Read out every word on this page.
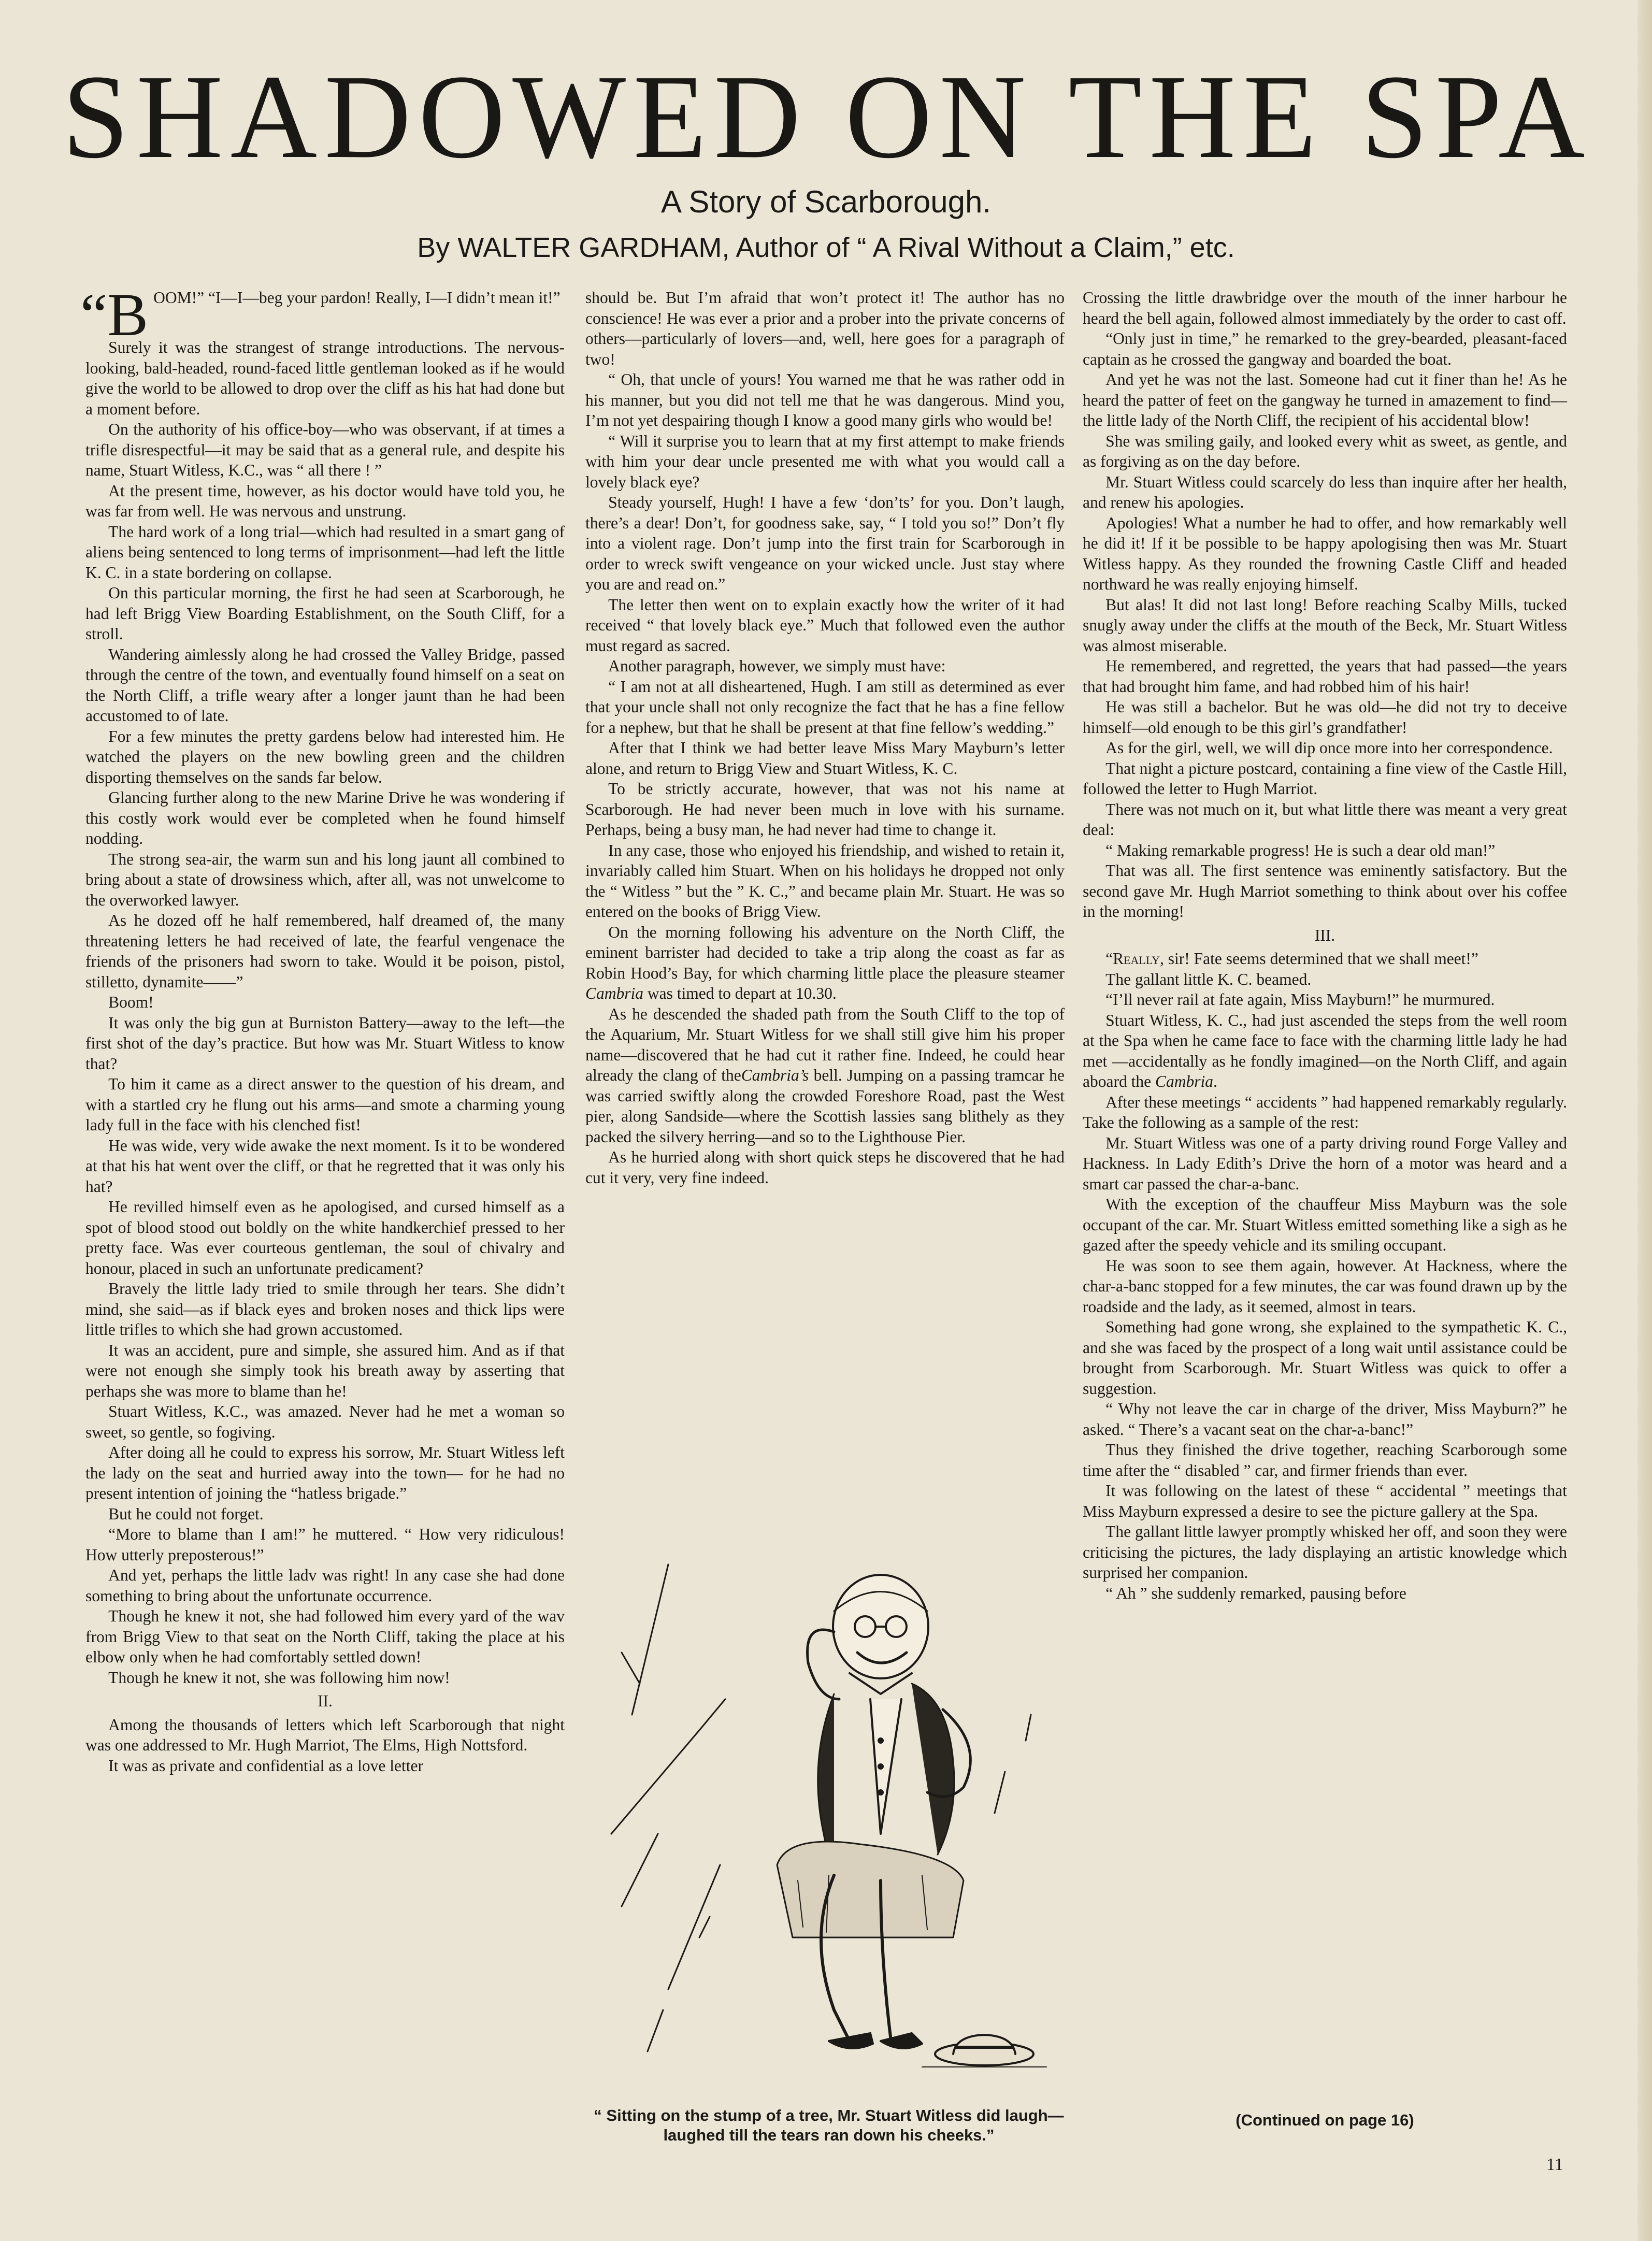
SHADOWED ON THE SPA

A Story of Scarborough.

By WALTER GARDHAM, Author of “ A Rival Without a Claim,” etc.

“B OOM!” “I—I—beg your pardon! Really, I—I didn’t mean it!”

Surely it was the strangest of strange introductions. The nervous-looking, bald-headed, round-faced little gentleman looked as if he would give the world to be allowed to drop over the cliff as his hat had done but a moment before.

On the authority of his office-boy—who was observant, if at times a trifle disrespectful—it may be said that as a general rule, and despite his name, Stuart Witless, K.C., was “ all there ! ”

At the present time, however, as his doctor would have told you, he was far from well. He was nervous and unstrung.

The hard work of a long trial—which had resulted in a smart gang of aliens being sentenced to long terms of imprisonment—had left the little K. C. in a state bordering on collapse.

On this particular morning, the first he had seen at Scarborough, he had left Brigg View Boarding Establishment, on the South Cliff, for a stroll.

Wandering aimlessly along he had crossed the Valley Bridge, passed through the centre of the town, and eventually found himself on a seat on the North Cliff, a trifle weary after a longer jaunt than he had been accustomed to of late.

For a few minutes the pretty gardens below had interested him. He watched the players on the new bowling green and the children disporting themselves on the sands far below.

Glancing further along to the new Marine Drive he was wondering if this costly work would ever be completed when he found himself nodding.

The strong sea-air, the warm sun and his long jaunt all combined to bring about a state of drowsiness which, after all, was not unwelcome to the overworked lawyer.

As he dozed off he half remembered, half dreamed of, the many threatening letters he had received of late, the fearful vengenace the friends of the prisoners had sworn to take. Would it be poison, pistol, stilletto, dynamite——”

Boom!

It was only the big gun at Burniston Battery—away to the left—the first shot of the day’s practice. But how was Mr. Stuart Witless to know that?

To him it came as a direct answer to the question of his dream, and with a startled cry he flung out his arms—and smote a charming young lady full in the face with his clenched fist!

He was wide, very wide awake the next moment. Is it to be wondered at that his hat went over the cliff, or that he regretted that it was only his hat?

He revilled himself even as he apologised, and cursed himself as a spot of blood stood out boldly on the white handkerchief pressed to her pretty face. Was ever courteous gentleman, the soul of chivalry and honour, placed in such an unfortunate predicament?

Bravely the little lady tried to smile through her tears. She didn’t mind, she said—as if black eyes and broken noses and thick lips were little trifles to which she had grown accustomed.

It was an accident, pure and simple, she assured him. And as if that were not enough she simply took his breath away by asserting that perhaps she was more to blame than he!

Stuart Witless, K.C., was amazed. Never had he met a woman so sweet, so gentle, so fogiving.

After doing all he could to express his sorrow, Mr. Stuart Witless left the lady on the seat and hurried away into the town— for he had no present intention of joining the “hatless brigade.”

But he could not forget.

“More to blame than I am!” he muttered. “ How very ridiculous! How utterly preposterous!”

And yet, perhaps the little ladv was right! In any case she had done something to bring about the unfortunate occurrence.

Though he knew it not, she had followed him every yard of the wav from Brigg View to that seat on the North Cliff, taking the place at his elbow only when he had comfortably settled down!

Though he knew it not, she was following him now!

II.

Among the thousands of letters which left Scarborough that night was one addressed to Mr. Hugh Marriot, The Elms, High Nottsford.

It was as private and confidential as a love letter

should be. But I’m afraid that won’t protect it! The author has no conscience! He was ever a prior and a prober into the private concerns of others—particularly of lovers—and, well, here goes for a paragraph of two!

“ Oh, that uncle of yours! You warned me that he was rather odd in his manner, but you did not tell me that he was dangerous. Mind you, I’m not yet despairing though I know a good many girls who would be!

“ Will it surprise you to learn that at my first attempt to make friends with him your dear uncle presented me with what you would call a lovely black eye?

Steady yourself, Hugh! I have a few ‘don’ts’ for you. Don’t laugh, there’s a dear! Don’t, for goodness sake, say, “ I told you so!” Don’t fly into a violent rage. Don’t jump into the first train for Scarborough in order to wreck swift vengeance on your wicked uncle. Just stay where you are and read on.”

The letter then went on to explain exactly how the writer of it had received “ that lovely black eye.” Much that followed even the author must regard as sacred.

Another paragraph, however, we simply must have:

“ I am not at all disheartened, Hugh. I am still as determined as ever that your uncle shall not only recognize the fact that he has a fine fellow for a nephew, but that he shall be present at that fine fellow’s wedding.”

After that I think we had better leave Miss Mary Mayburn’s letter alone, and return to Brigg View and Stuart Witless, K. C.

To be strictly accurate, however, that was not his name at Scarborough. He had never been much in love with his surname. Perhaps, being a busy man, he had never had time to change it.

In any case, those who enjoyed his friendship, and wished to retain it, invariably called him Stuart. When on his holidays he dropped not only the “ Witless ” but the ” K. C.,” and became plain Mr. Stuart. He was so entered on the books of Brigg View.

On the morning following his adventure on the North Cliff, the eminent barrister had decided to take a trip along the coast as far as Robin Hood’s Bay, for which charming little place the pleasure steamer Cambria was timed to depart at 10.30.

As he descended the shaded path from the South Cliff to the top of the Aquarium, Mr. Stuart Witless for we shall still give him his proper name—discovered that he had cut it rather fine. Indeed, he could hear already the clang of theCambria’s bell. Jumping on a passing tramcar he was carried swiftly along the crowded Foreshore Road, past the West pier, along Sandside—where the Scottish lassies sang blithely as they packed the silvery herring—and so to the Lighthouse Pier.

As he hurried along with short quick steps he discovered that he had cut it very, very fine indeed.

“ Sitting on the stump of a tree, Mr. Stuart Witless did laugh—laughed till the tears ran down his cheeks.”

Crossing the little drawbridge over the mouth of the inner harbour he heard the bell again, followed almost immediately by the order to cast off.

“Only just in time,” he remarked to the grey-bearded, pleasant-faced captain as he crossed the gangway and boarded the boat.

And yet he was not the last. Someone had cut it finer than he! As he heard the patter of feet on the gangway he turned in amazement to find—the little lady of the North Cliff, the recipient of his accidental blow!

She was smiling gaily, and looked every whit as sweet, as gentle, and as forgiving as on the day before.

Mr. Stuart Witless could scarcely do less than inquire after her health, and renew his apologies.

Apologies! What a number he had to offer, and how remarkably well he did it! If it be possible to be happy apologising then was Mr. Stuart Witless happy. As they rounded the frowning Castle Cliff and headed northward he was really enjoying himself.

But alas! It did not last long! Before reaching Scalby Mills, tucked snugly away under the cliffs at the mouth of the Beck, Mr. Stuart Witless was almost miserable.

He remembered, and regretted, the years that had passed—the years that had brought him fame, and had robbed him of his hair!

He was still a bachelor. But he was old—he did not try to deceive himself—old enough to be this girl’s grandfather!

As for the girl, well, we will dip once more into her correspondence.

That night a picture postcard, containing a fine view of the Castle Hill, followed the letter to Hugh Marriot.

There was not much on it, but what little there was meant a very great deal:

“ Making remarkable progress! He is such a dear old man!”

That was all. The first sentence was eminently satisfactory. But the second gave Mr. Hugh Marriot something to think about over his coffee in the morning!

III.

“Really, sir! Fate seems determined that we shall meet!”

The gallant little K. C. beamed.

“I’ll never rail at fate again, Miss Mayburn!” he murmured.

Stuart Witless, K. C., had just ascended the steps from the well room at the Spa when he came face to face with the charming little lady he had met —accidentally as he fondly imagined—on the North Cliff, and again aboard the Cambria.

After these meetings “ accidents ” had happened remarkably regularly. Take the following as a sample of the rest:

Mr. Stuart Witless was one of a party driving round Forge Valley and Hackness. In Lady Edith’s Drive the horn of a motor was heard and a smart car passed the char-a-banc.

With the exception of the chauffeur Miss Mayburn was the sole occupant of the car. Mr. Stuart Witless emitted something like a sigh as he gazed after the speedy vehicle and its smiling occupant.

He was soon to see them again, however. At Hackness, where the char-a-banc stopped for a few minutes, the car was found drawn up by the roadside and the lady, as it seemed, almost in tears.

Something had gone wrong, she explained to the sympathetic K. C., and she was faced by the prospect of a long wait until assistance could be brought from Scarborough. Mr. Stuart Witless was quick to offer a suggestion.

“ Why not leave the car in charge of the driver, Miss Mayburn?” he asked. “ There’s a vacant seat on the char-a-banc!”

Thus they finished the drive together, reaching Scarborough some time after the “ disabled ” car, and firmer friends than ever.

It was following on the latest of these “ accidental ” meetings that Miss Mayburn expressed a desire to see the picture gallery at the Spa.

The gallant little lawyer promptly whisked her off, and soon they were criticising the pictures, the lady displaying an artistic knowledge which surprised her companion.

“ Ah ” she suddenly remarked, pausing before

(Continued on page 16)

11
